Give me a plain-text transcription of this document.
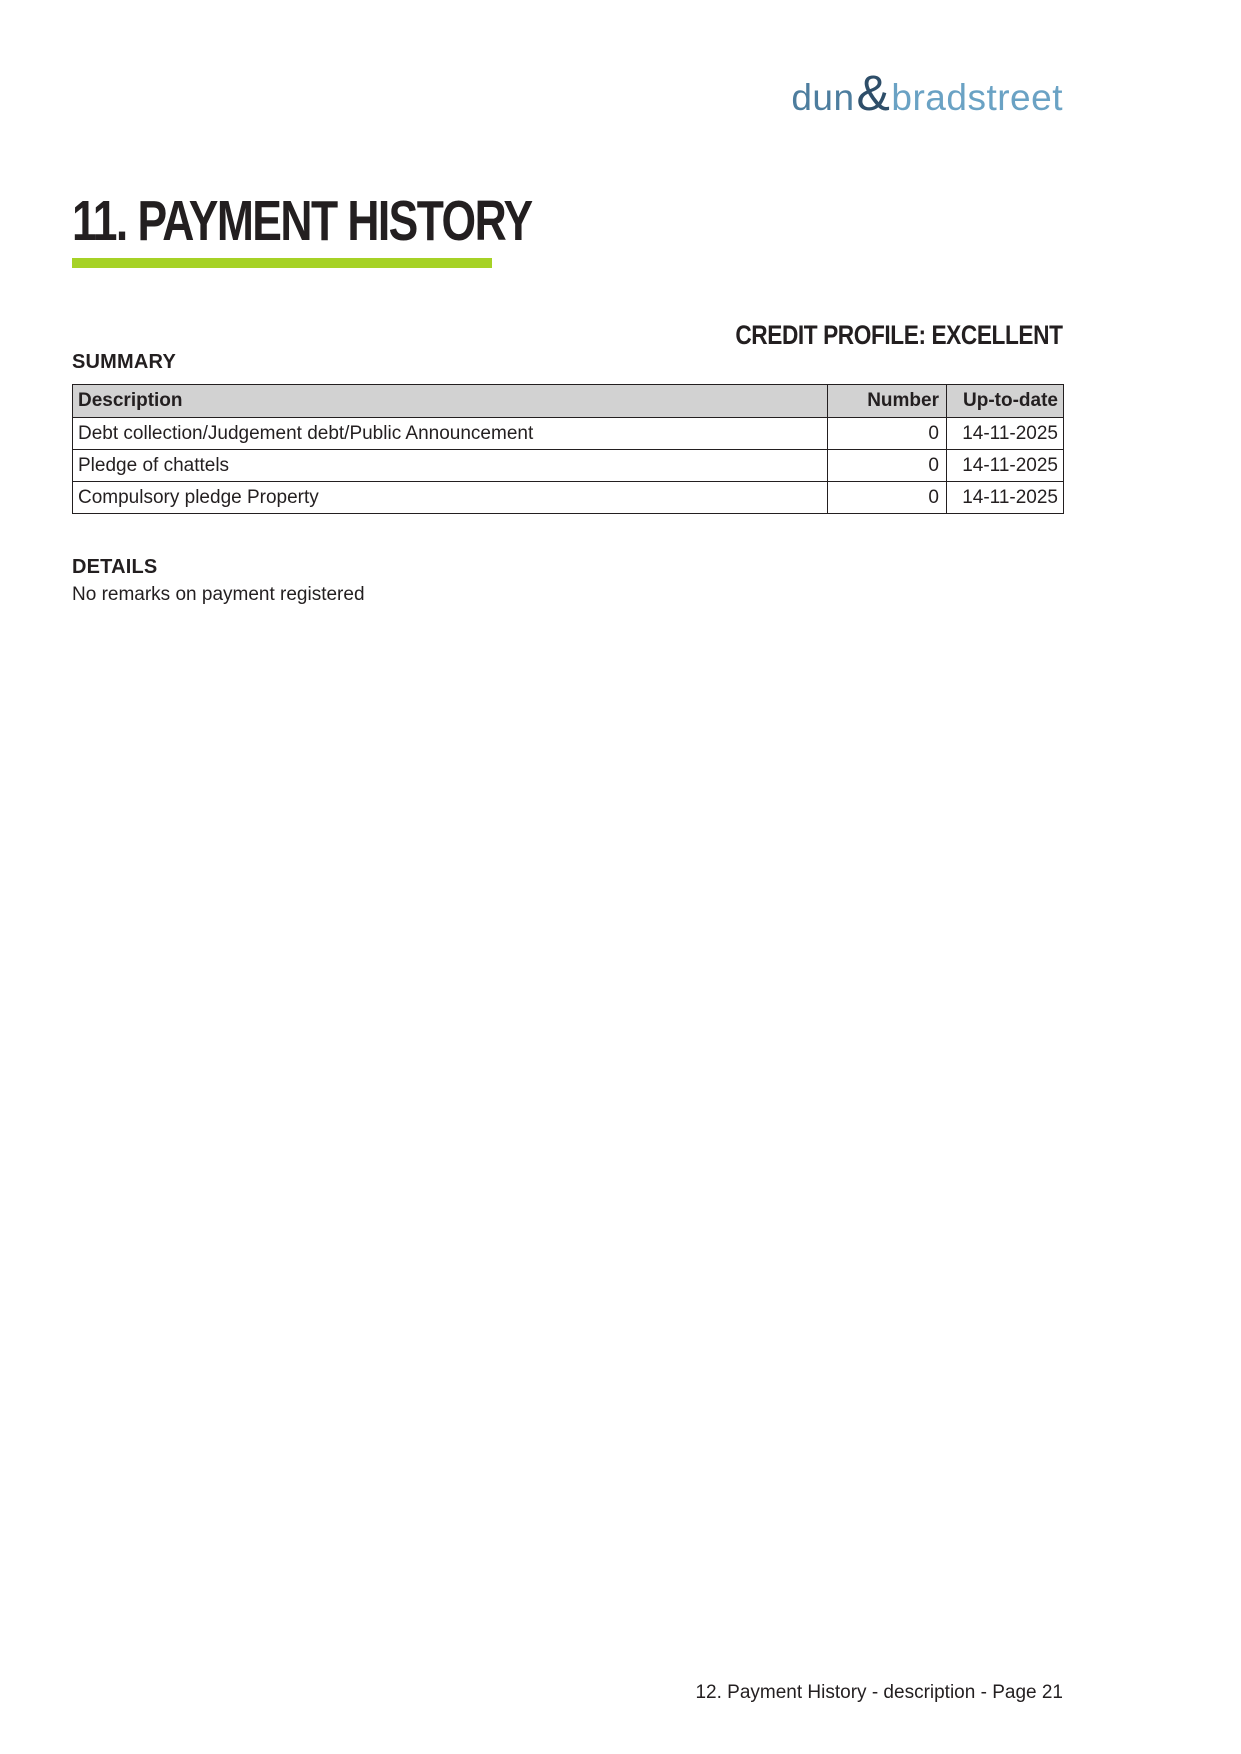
dun & bradstreet
11. PAYMENT HISTORY
CREDIT PROFILE: EXCELLENT
SUMMARY
Description	Number	Up-to-date
Debt collection/Judgement debt/Public Announcement	0	14-11-2025
Pledge of chattels	0	14-11-2025
Compulsory pledge Property	0	14-11-2025
DETAILS
No remarks on payment registered
12. Payment History - description - Page 21
